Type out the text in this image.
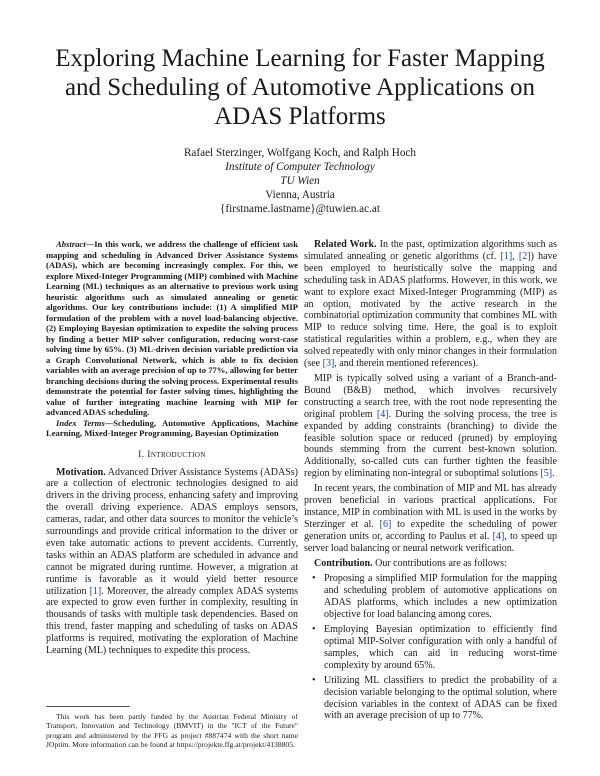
Exploring Machine Learning for Faster Mapping
and Scheduling of Automotive Applications on
ADAS Platforms
Rafael Sterzinger, Wolfgang Koch, and Ralph Hoch
Institute of Computer Technology
TU Wien
Vienna, Austria
{firstname.lastname}@tuwien.ac.at

Abstract—In this work, we address the challenge of efficient task mapping and scheduling in Advanced Driver Assistance Systems (ADAS), which are becoming increasingly complex. For this, we explore Mixed-Integer Programming (MIP) combined with Machine Learning (ML) techniques as an alternative to previous work using heuristic algorithms such as simulated annealing or genetic algorithms. Our key contributions include: (1) A simplified MIP formulation of the problem with a novel load-balancing objective. (2) Employing Bayesian optimization to expedite the solving process by finding a better MIP solver configuration, reducing worst-case solving time by 65%. (3) ML-driven decision variable prediction via a Graph Convolutional Network, which is able to fix decision variables with an average precision of up to 77%, allowing for better branching decisions during the solving process. Experimental results demonstrate the potential for faster solving times, highlighting the value of further integrating machine learning with MIP for advanced ADAS scheduling.

Index Terms—Scheduling, Automotive Applications, Machine Learning, Mixed-Integer Programming, Bayesian Optimization

I. Introduction

Motivation. Advanced Driver Assistance Systems (ADASs) are a collection of electronic technologies designed to aid drivers in the driving process, enhancing safety and improving the overall driving experience. ADAS employs sensors, cameras, radar, and other data sources to monitor the vehicle’s surroundings and provide critical information to the driver or even take automatic actions to prevent accidents. Currently, tasks within an ADAS platform are scheduled in advance and cannot be migrated during runtime. However, a migration at runtime is favorable as it would yield better resource utilization [1]. Moreover, the already complex ADAS systems are expected to grow even further in complexity, resulting in thousands of tasks with multiple task dependencies. Based on this trend, faster mapping and scheduling of tasks on ADAS platforms is required, motivating the exploration of Machine Learning (ML) techniques to expedite this process.

This work has been partly funded by the Austrian Federal Ministry of Transport, Innovation and Technology (BMVIT) in the "ICT of the Future" program and administered by the FFG as project #887474 with the short name JOptim. More information can be found at https://projekte.ffg.at/projekt/4138805.

Related Work. In the past, optimization algorithms such as simulated annealing or genetic algorithms (cf. [1], [2]) have been employed to heuristically solve the mapping and scheduling task in ADAS platforms. However, in this work, we want to explore exact Mixed-Integer Programming (MIP) as an option, motivated by the active research in the combinatorial optimization community that combines ML with MIP to reduce solving time. Here, the goal is to exploit statistical regularities within a problem, e.g., when they are solved repeatedly with only minor changes in their formulation (see [3], and therein mentioned references).

MIP is typically solved using a variant of a Branch-and-Bound (B&B) method, which involves recursively constructing a search tree, with the root node representing the original problem [4]. During the solving process, the tree is expanded by adding constraints (branching) to divide the feasible solution space or reduced (pruned) by employing bounds stemming from the current best-known solution. Additionally, so-called cuts can further tighten the feasible region by eliminating non-integral or suboptimal solutions [5].

In recent years, the combination of MIP and ML has already proven beneficial in various practical applications. For instance, MIP in combination with ML is used in the works by Sterzinger et al. [6] to expedite the scheduling of power generation units or, according to Paulus et al. [4], to speed up server load balancing or neural network verification.

Contribution. Our contributions are as follows:

• Proposing a simplified MIP formulation for the mapping and scheduling problem of automotive applications on ADAS platforms, which includes a new optimization objective for load balancing among cores.
• Employing Bayesian optimization to efficiently find optimal MIP-Solver configuration with only a handful of samples, which can aid in reducing worst-time complexity by around 65%.
• Utilizing ML classifiers to predict the probability of a decision variable belonging to the optimal solution, where decision variables in the context of ADAS can be fixed with an average precision of up to 77%.
